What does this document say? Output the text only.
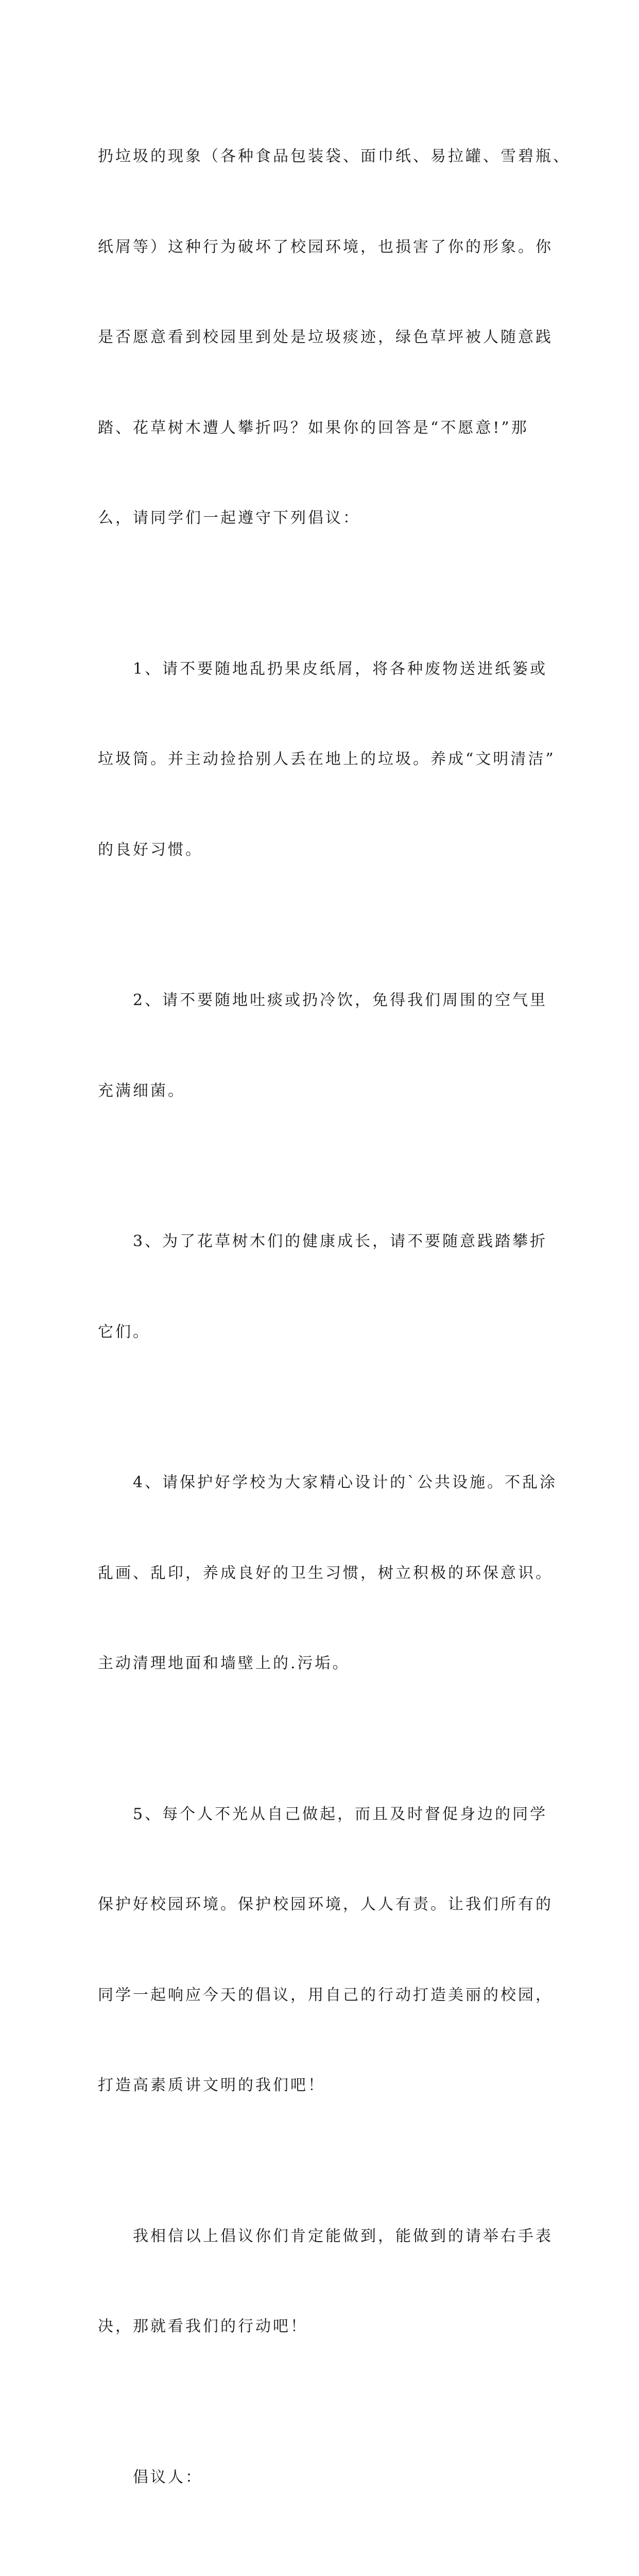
扔垃圾的现象（各种食品包装袋、面巾纸、易拉罐、雪碧瓶、

纸屑等）这种行为破坏了校园环境，也损害了你的形象。你

是否愿意看到校园里到处是垃圾痰迹，绿色草坪被人随意践

踏、花草树木遭人攀折吗？如果你的回答是“不愿意!”那

么，请同学们一起遵守下列倡议：

1、请不要随地乱扔果皮纸屑，将各种废物送进纸篓或

垃圾筒。并主动捡拾别人丢在地上的垃圾。养成“文明清洁”

的良好习惯。

2、请不要随地吐痰或扔冷饮，免得我们周围的空气里

充满细菌。

3、为了花草树木们的健康成长，请不要随意践踏攀折

它们。

4、请保护好学校为大家精心设计的`公共设施。不乱涂

乱画、乱印，养成良好的卫生习惯，树立积极的环保意识。

主动清理地面和墙壁上的.污垢。

5、每个人不光从自己做起，而且及时督促身边的同学

保护好校园环境。保护校园环境，人人有责。让我们所有的

同学一起响应今天的倡议，用自己的行动打造美丽的校园，

打造高素质讲文明的我们吧！

我相信以上倡议你们肯定能做到，能做到的请举右手表

决，那就看我们的行动吧！

倡议人：
